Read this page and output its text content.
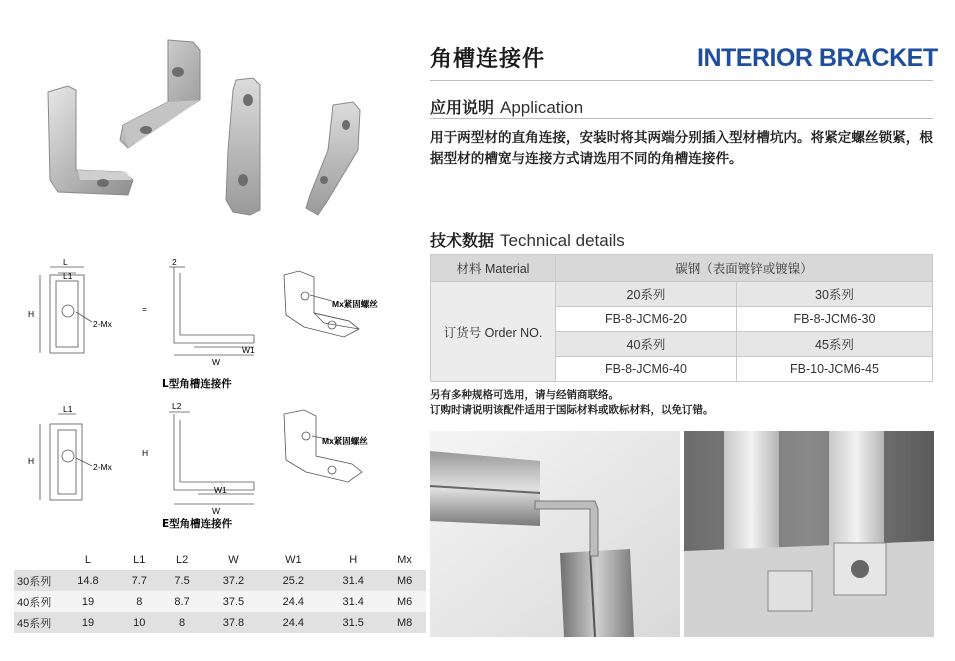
角槽连接件	INTERIOR BRACKET
应用说明 Application
用于两型材的直角连接，安装时将其两端分别插入型材槽坑内。将紧定螺丝锁紧，根据型材的槽宽与连接方式请选用不同的角槽连接件。
技术数据 Technical details
材料 Material	碳钢（表面镀锌或镀镍）	
订货号 Order NO.	20系列	30系列
	FB-8-JCM6-20	FB-8-JCM6-30
	40系列	45系列
	FB-8-JCM6-40	FB-10-JCM6-45
另有多种规格可选用，请与经销商联络。
订购时请说明该配件适用于国际材料或欧标材料，以免订错。
L
L1
H
2-Mx
2
=
W1
W
Mx紧固螺丝
L型角槽连接件
L1
H
2-Mx
L2
H
W1
W
Mx紧固螺丝
E型角槽连接件
	L	L1	L2	W	W1	H	Mx
30系列	14.8	7.7	7.5	37.2	25.2	31.4	M6
40系列	19	8	8.7	37.5	24.4	31.4	M6
45系列	19	10	8	37.8	24.4	31.5	M8
